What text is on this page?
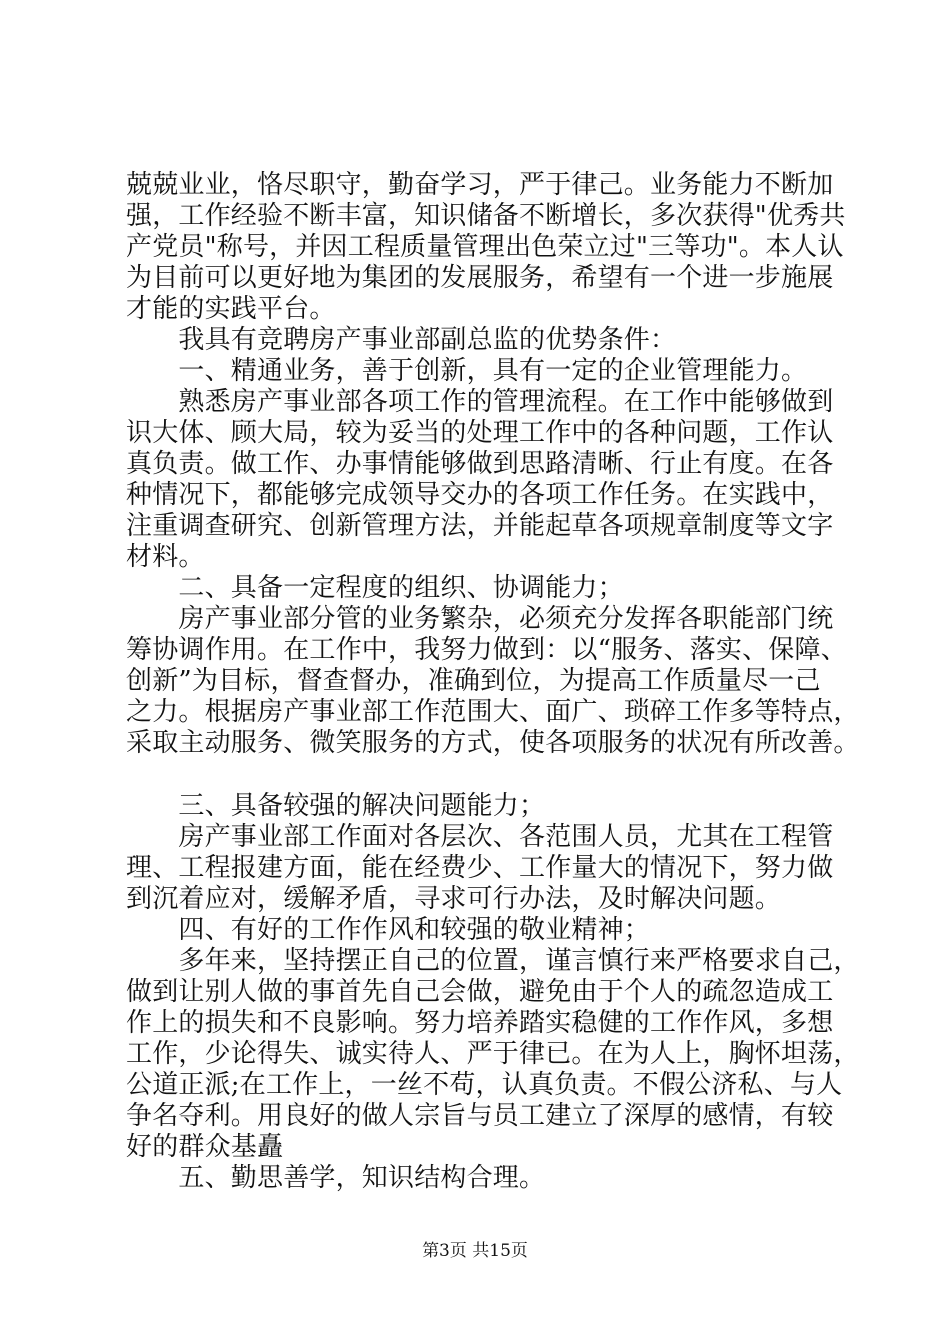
兢兢业业，恪尽职守，勤奋学习，严于律己。业务能力不断加
强，工作经验不断丰富，知识储备不断增长，多次获得"优秀共
产党员"称号，并因工程质量管理出色荣立过"三等功"。本人认
为目前可以更好地为集团的发展服务，希望有一个进一步施展
才能的实践平台。
　　我具有竞聘房产事业部副总监的优势条件：
　　一、精通业务，善于创新，具有一定的企业管理能力。
　　熟悉房产事业部各项工作的管理流程。在工作中能够做到
识大体、顾大局，较为妥当的处理工作中的各种问题，工作认
真负责。做工作、办事情能够做到思路清晰、行止有度。在各
种情况下，都能够完成领导交办的各项工作任务。在实践中，
注重调查研究、创新管理方法，并能起草各项规章制度等文字
材料。
　　二、具备一定程度的组织、协调能力；
　　房产事业部分管的业务繁杂，必须充分发挥各职能部门统
筹协调作用。在工作中，我努力做到：以“服务、落实、保障、
创新”为目标，督查督办，准确到位，为提高工作质量尽一己
之力。根据房产事业部工作范围大、面广、琐碎工作多等特点，
采取主动服务、微笑服务的方式，使各项服务的状况有所改善。
　　三、具备较强的解决问题能力；
　　房产事业部工作面对各层次、各范围人员，尤其在工程管
理、工程报建方面，能在经费少、工作量大的情况下，努力做
到沉着应对，缓解矛盾，寻求可行办法，及时解决问题。
　　四、有好的工作作风和较强的敬业精神；
　　多年来，坚持摆正自己的位置，谨言慎行来严格要求自己，
做到让别人做的事首先自己会做，避免由于个人的疏忽造成工
作上的损失和不良影响。努力培养踏实稳健的工作作风，多想
工作，少论得失、诚实待人、严于律已。在为人上，胸怀坦荡，
公道正派;在工作上，一丝不苟，认真负责。不假公济私、与人
争名夺利。用良好的做人宗旨与员工建立了深厚的感情，有较
好的群众基矗
　　五、勤思善学，知识结构合理。
第3页 共15页
